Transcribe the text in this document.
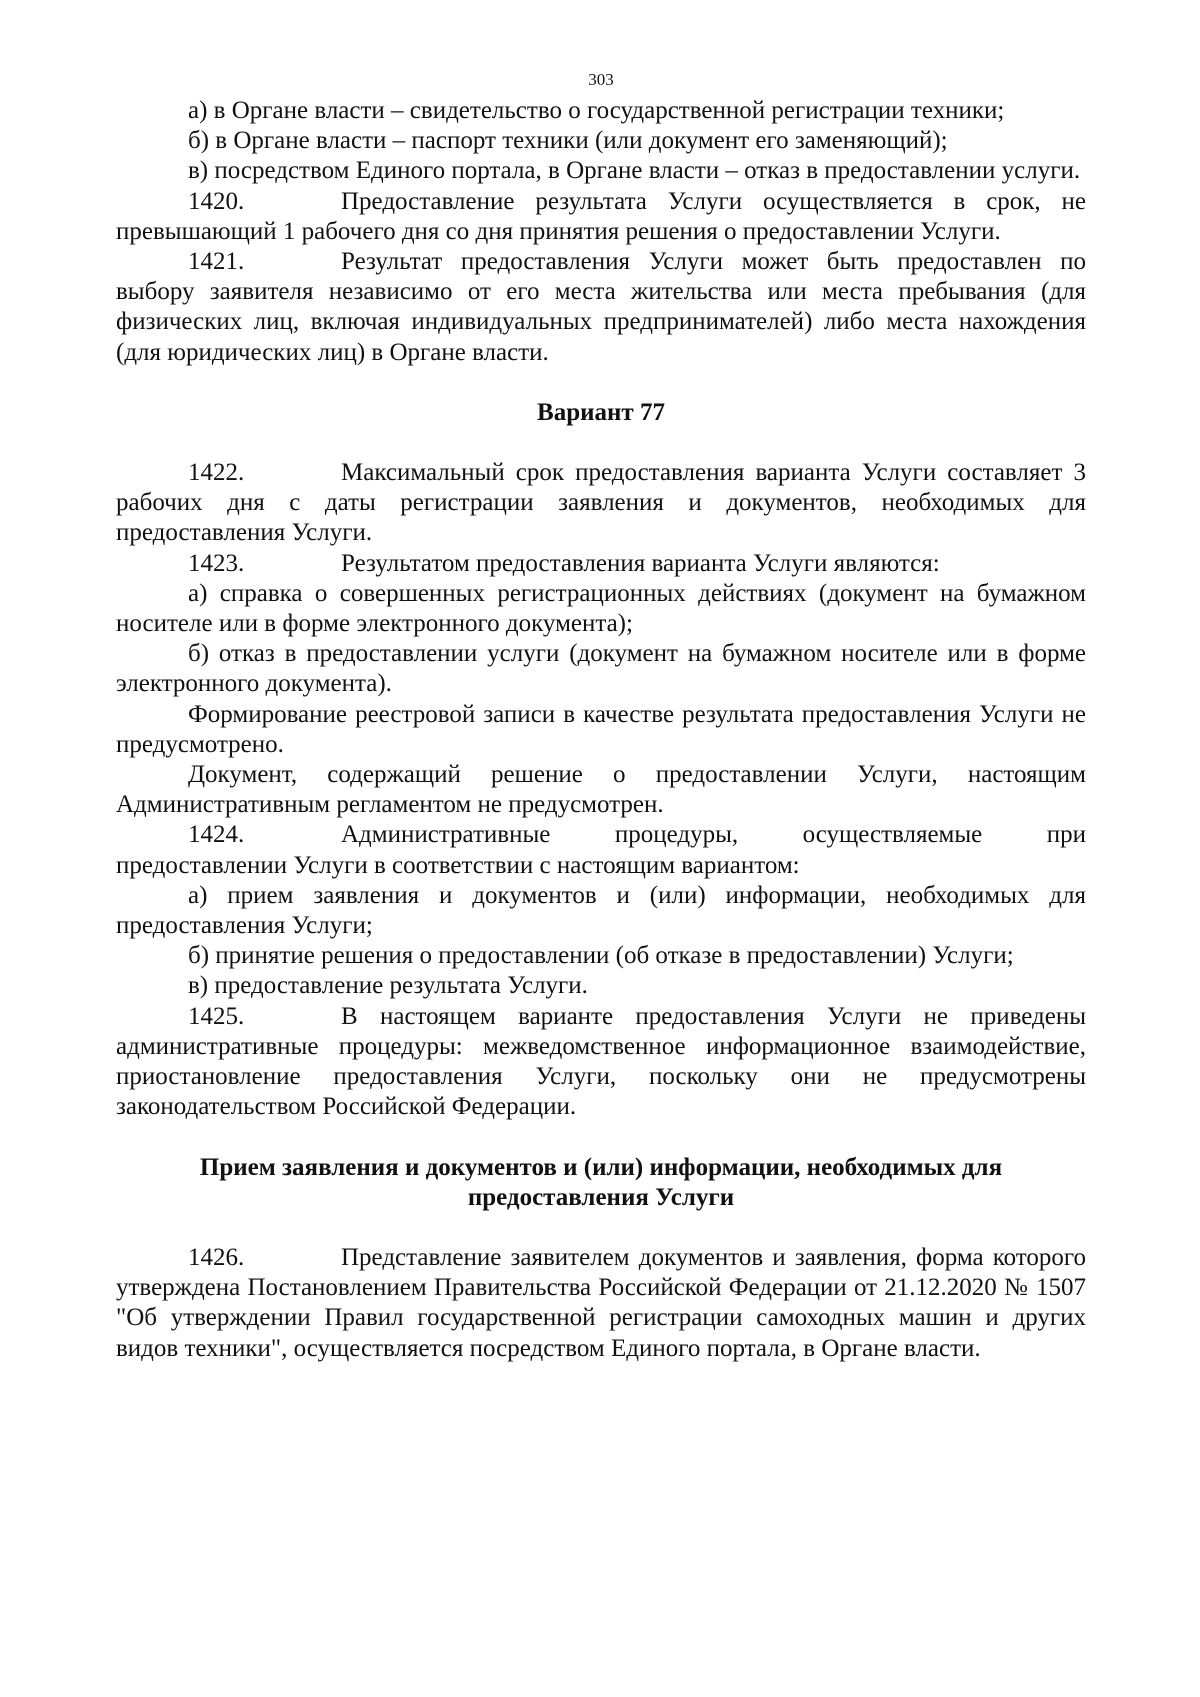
303

а) в Органе власти – свидетельство о государственной регистрации техники;

б) в Органе власти – паспорт техники (или документ его заменяющий);

в) посредством Единого портала, в Органе власти – отказ в предоставлении услуги.

1420.	Предоставление результата Услуги осуществляется в срок, не превышающий 1 рабочего дня со дня принятия решения о предоставлении Услуги.

1421.	Результат предоставления Услуги может быть предоставлен по выбору заявителя независимо от его места жительства или места пребывания (для физических лиц, включая индивидуальных предпринимателей) либо места нахождения (для юридических лиц) в Органе власти.

Вариант 77

1422.	Максимальный срок предоставления варианта Услуги составляет 3 рабочих дня с даты регистрации заявления и документов, необходимых для предоставления Услуги.

1423.	Результатом предоставления варианта Услуги являются:

а) справка о совершенных регистрационных действиях (документ на бумажном носителе или в форме электронного документа);

б) отказ в предоставлении услуги (документ на бумажном носителе или в форме электронного документа).

Формирование реестровой записи в качестве результата предоставления Услуги не предусмотрено.

Документ, содержащий решение о предоставлении Услуги, настоящим Административным регламентом не предусмотрен.

1424.	Административные процедуры, осуществляемые при предоставлении Услуги в соответствии с настоящим вариантом:

а) прием заявления и документов и (или) информации, необходимых для предоставления Услуги;

б) принятие решения о предоставлении (об отказе в предоставлении) Услуги;

в) предоставление результата Услуги.

1425.	В настоящем варианте предоставления Услуги не приведены административные процедуры: межведомственное информационное взаимодействие, приостановление предоставления Услуги, поскольку они не предусмотрены законодательством Российской Федерации.

Прием заявления и документов и (или) информации, необходимых для
предоставления Услуги

1426.	Представление заявителем документов и заявления, форма которого утверждена Постановлением Правительства Российской Федерации от 21.12.2020 № 1507 "Об утверждении Правил государственной регистрации самоходных машин и других видов техники", осуществляется посредством Единого портала, в Органе власти.
